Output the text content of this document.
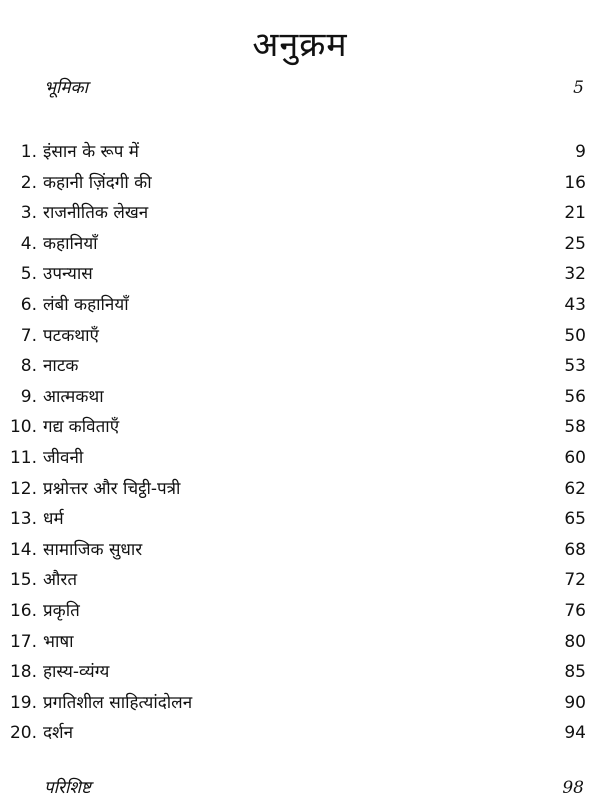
अनुक्रम
भूमिका	5
1. इंसान के रूप में	9
2. कहानी ज़िंदगी की	16
3. राजनीतिक लेखन	21
4. कहानियाँ	25
5. उपन्यास	32
6. लंबी कहानियाँ	43
7. पटकथाएँ	50
8. नाटक	53
9. आत्मकथा	56
10. गद्य कविताएँ	58
11. जीवनी	60
12. प्रश्नोत्तर और चिट्ठी-पत्री	62
13. धर्म	65
14. सामाजिक सुधार	68
15. औरत	72
16. प्रकृति	76
17. भाषा	80
18. हास्य-व्यंग्य	85
19. प्रगतिशील साहित्यांदोलन	90
20. दर्शन	94
परिशिष्ट	98
